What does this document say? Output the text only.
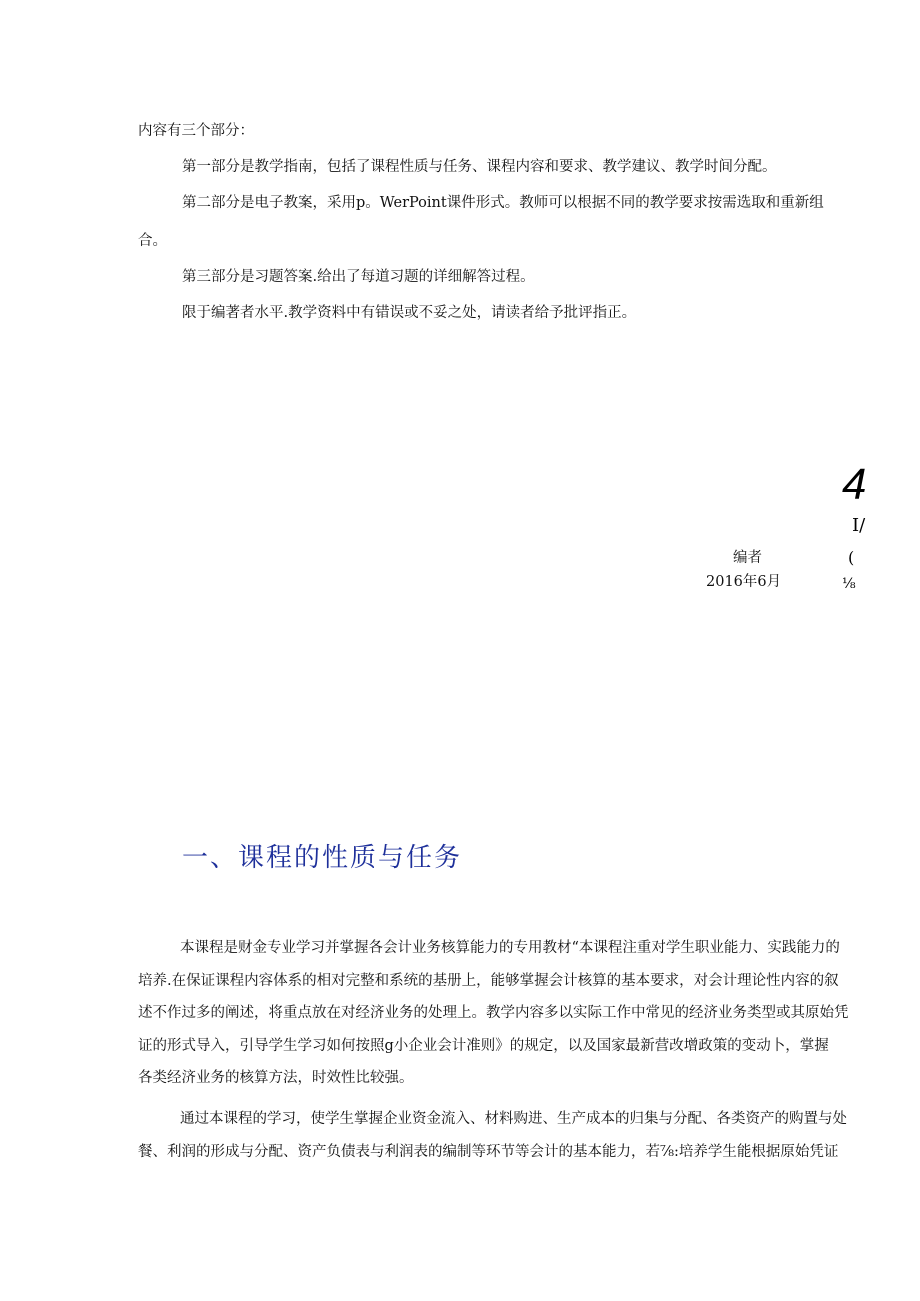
内容有三个部分：
第一部分是教学指南，包括了课程性质与任务、课程内容和要求、教学建议、教学时间分配。
第二部分是电子教案，采用p。WerPoint课件形式。教师可以根据不同的教学要求按需选取和重新组
合。
第三部分是习题答案.给出了每道习题的详细解答过程。
限于编著者水平.教学资料中有错误或不妥之处，请读者给予批评指正。
4
I/
(
⅛
编者
2016年6月
一、课程的性质与任务
本课程是财金专业学习并掌握各会计业务核算能力的专用教材“本课程注重对学生职业能力、实践能力的
培养.在保证课程内容体系的相对完整和系统的基册上，能够掌握会计核算的基本要求，对会计理论性内容的叙
述不作过多的阐述，将重点放在对经济业务的处理上。教学内容多以实际工作中常见的经济业务类型或其原始凭
证的形式导入，引导学生学习如何按照g小企业会计准则》的规定，以及国家最新营改增政策的变动卜，掌握
各类经济业务的核算方法，时效性比较强。
通过本课程的学习，使学生掌握企业资金流入、材料购进、生产成本的归集与分配、各类资产的购置与处
餐、利润的形成与分配、资产负债表与利润表的编制等环节等会计的基本能力，若⅞:培养学生能根据原始凭证
